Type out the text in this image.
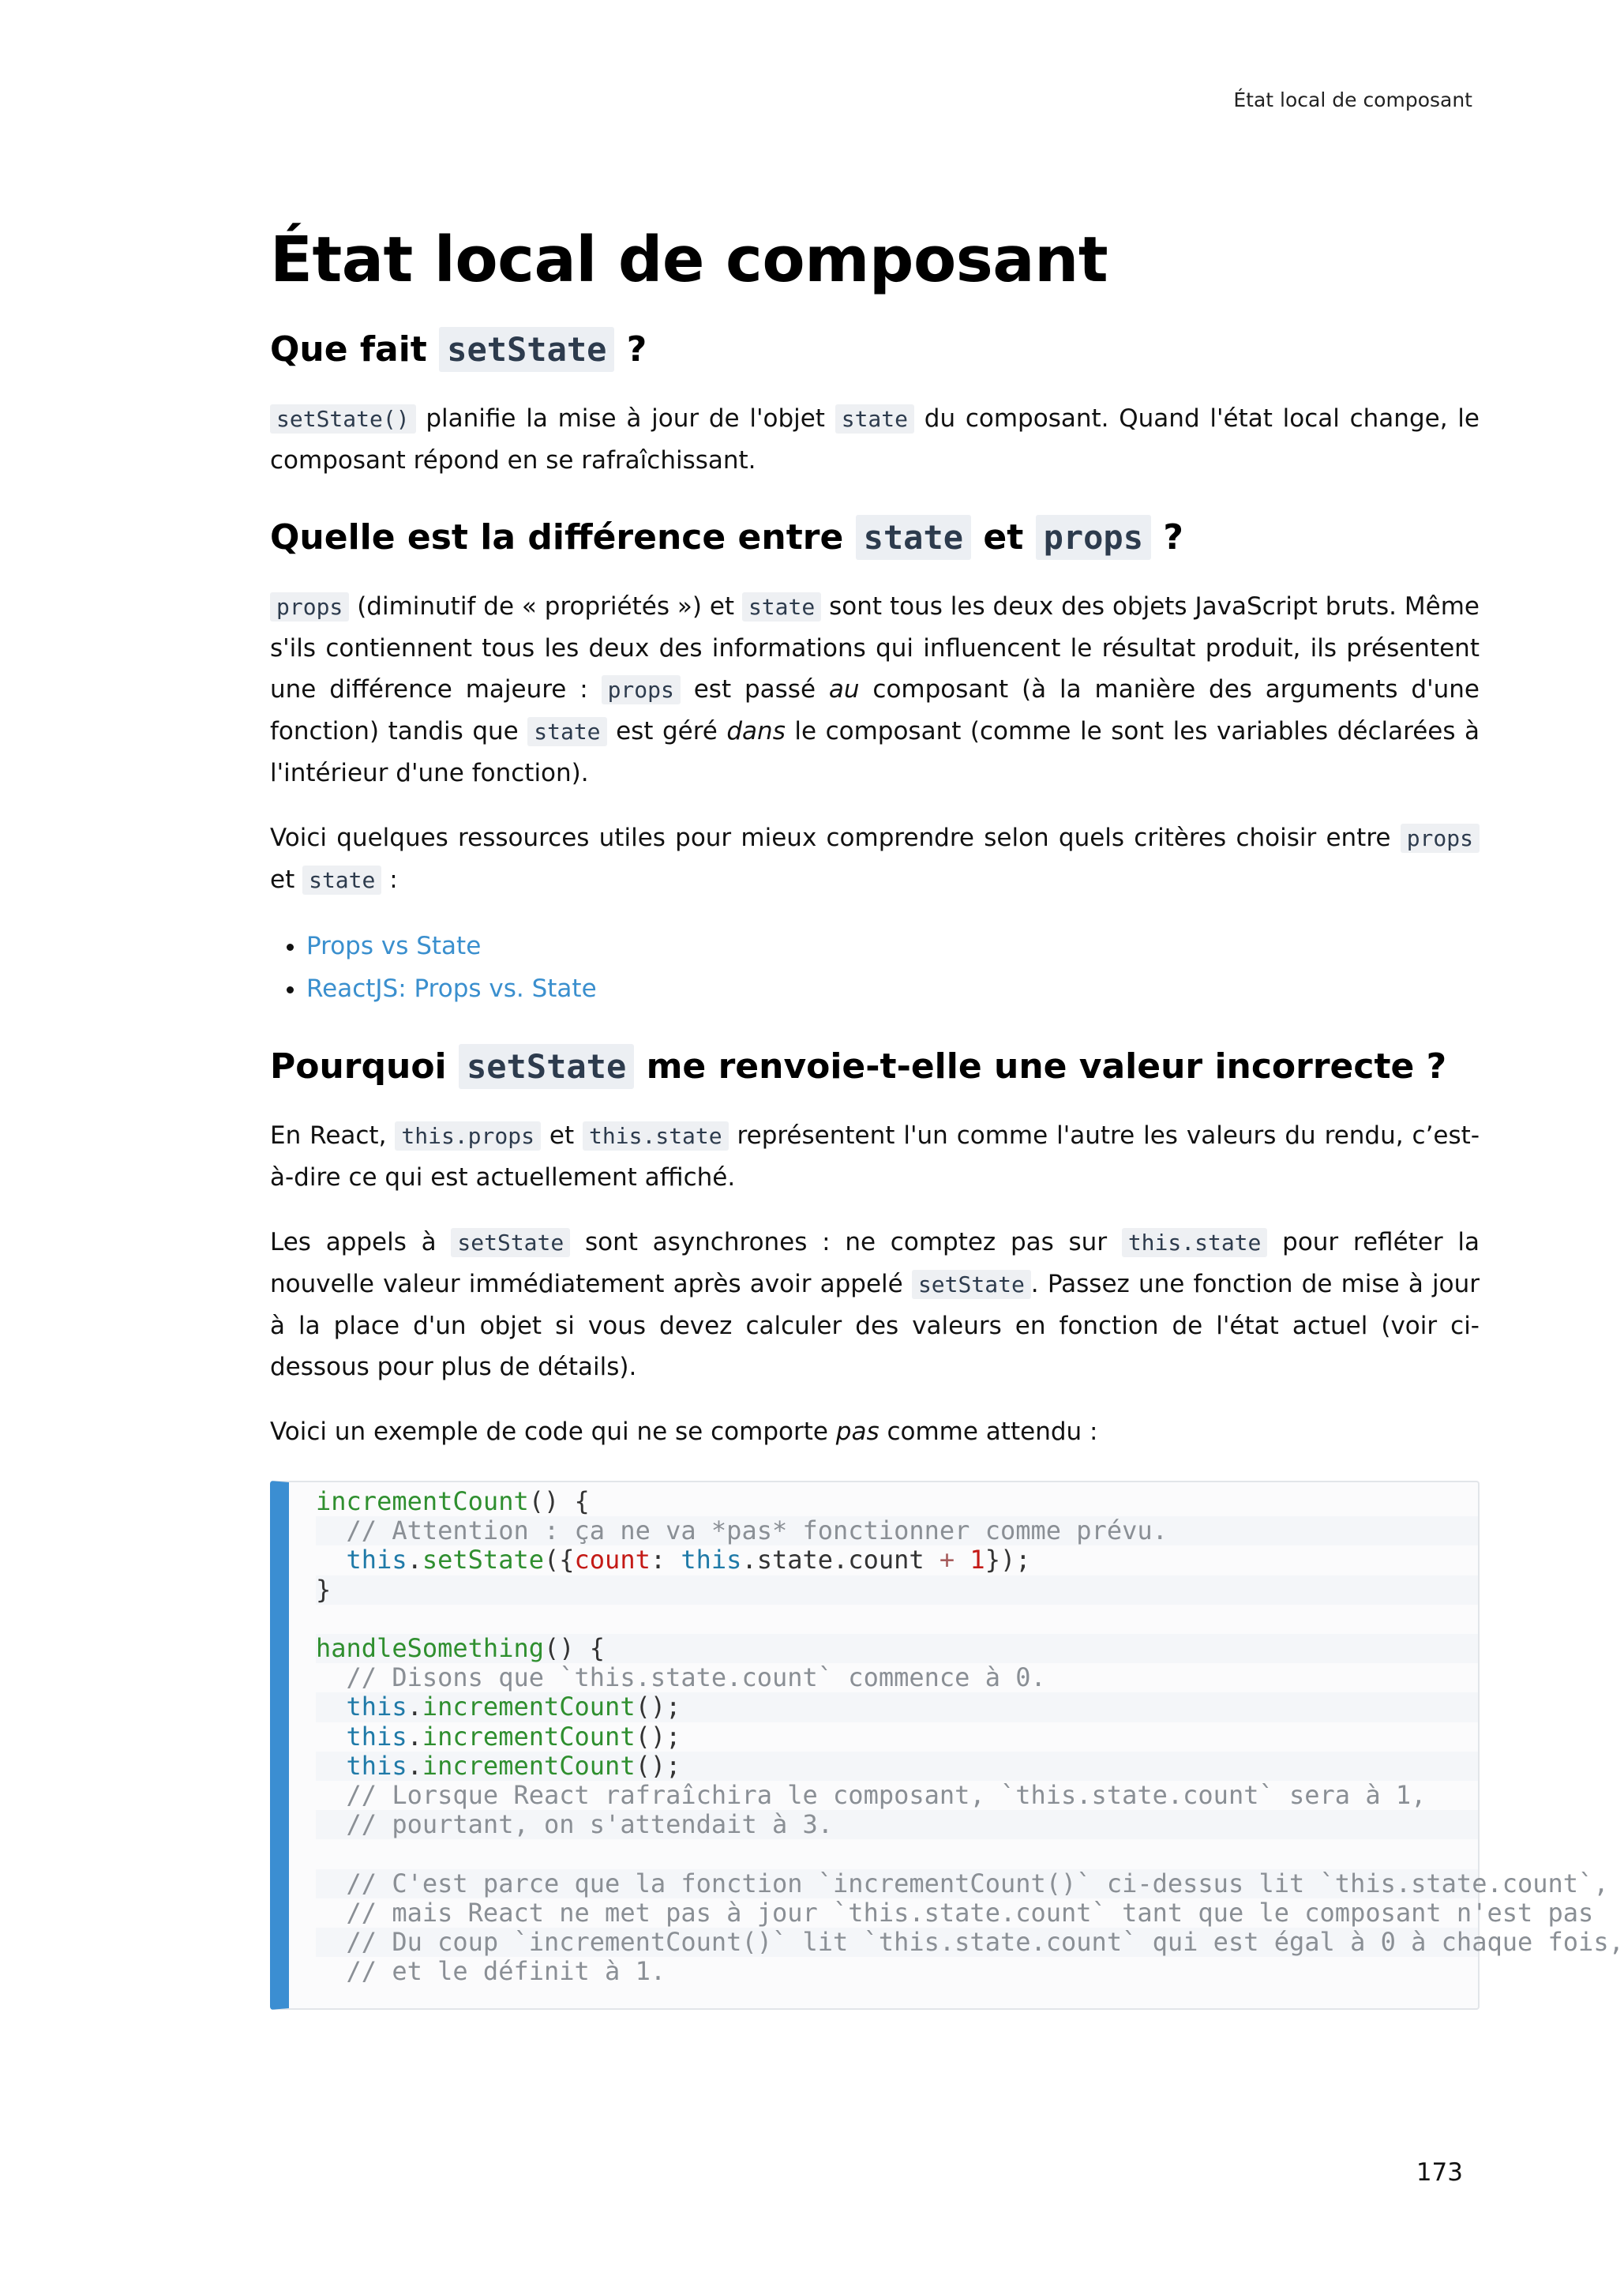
État local de composant
État local de composant
Que fait setState ?

setState() planifie la mise à jour de l'objet state du composant. Quand l'état local change, le composant répond en se rafraîchissant.

Quelle est la différence entre state et props ?

props (diminutif de « propriétés ») et state sont tous les deux des objets JavaScript bruts. Même s'ils contiennent tous les deux des informations qui influencent le résultat produit, ils présentent une différence majeure : props est passé au composant (à la manière des arguments d'une fonction) tandis que state est géré dans le composant (comme le sont les variables déclarées à l'intérieur d'une fonction).

Voici quelques ressources utiles pour mieux comprendre selon quels critères choisir entre props et state :

• Props vs State
• ReactJS: Props vs. State
Pourquoi setState me renvoie-t-elle une valeur incorrecte ?

En React, this.props et this.state représentent l'un comme l'autre les valeurs du rendu, c’est-à-dire ce qui est actuellement affiché.

Les appels à setState sont asynchrones : ne comptez pas sur this.state pour refléter la nouvelle valeur immédiatement après avoir appelé setState . Passez une fonction de mise à jour à la place d'un objet si vous devez calculer des valeurs en fonction de l'état actuel (voir ci-dessous pour plus de détails).

Voici un exemple de code qui ne se comporte pas comme attendu :

incrementCount() {
// Attention : ça ne va *pas* fonctionner comme prévu.
this.setState({count: this.state.count + 1});
}

handleSomething() {
// Disons que `this.state.count` commence à 0.
this.incrementCount();
this.incrementCount();
this.incrementCount();
// Lorsque React rafraîchira le composant, `this.state.count` sera à 1,
// pourtant, on s'attendait à 3.

// C'est parce que la fonction `incrementCount()` ci-dessus lit `this.state.count`,
// mais React ne met pas à jour `this.state.count` tant que le composant n'est pas
// Du coup `incrementCount()` lit `this.state.count` qui est égal à 0 à chaque fois,
// et le définit à 1.
173
